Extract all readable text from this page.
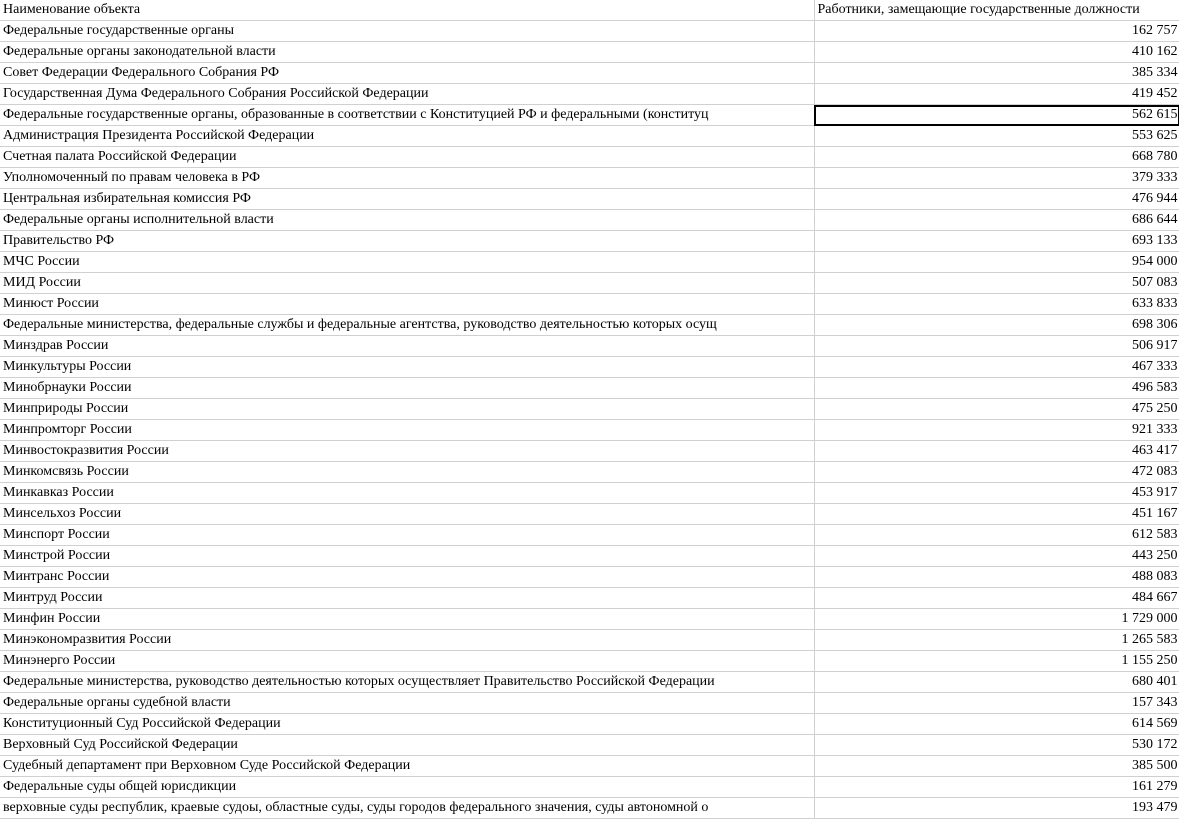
Наименование объекта	Работники, замещающие государственные должности
Федеральные государственные органы	162 757
Федеральные органы законодательной власти	410 162
Совет Федерации Федерального Собрания РФ	385 334
Государственная Дума Федерального Собрания Российской Федерации	419 452
Федеральные государственные органы, образованные в соответствии с Конституцией РФ и федеральными (конституц	562 615
Администрация Президента Российской Федерации	553 625
Счетная палата Российской Федерации	668 780
Уполномоченный по правам человека в РФ	379 333
Центральная избирательная комиссия РФ	476 944
Федеральные органы исполнительной власти	686 644
Правительство РФ	693 133
МЧС России	954 000
МИД России	507 083
Минюст России	633 833
Федеральные министерства, федеральные службы и федеральные агентства, руководство деятельностью которых осущ	698 306
Минздрав России	506 917
Минкультуры России	467 333
Минобрнауки России	496 583
Минприроды России	475 250
Минпромторг России	921 333
Минвостокразвития России	463 417
Минкомсвязь России	472 083
Минкавказ России	453 917
Минсельхоз России	451 167
Минспорт России	612 583
Минстрой России	443 250
Минтранс России	488 083
Минтруд России	484 667
Минфин России	1 729 000
Минэкономразвития России	1 265 583
Минэнерго России	1 155 250
Федеральные министерства, руководство деятельностью которых осуществляет Правительство Российской Федерации	680 401
Федеральные органы судебной власти	157 343
Конституционный Суд Российской Федерации	614 569
Верховный Суд Российской Федерации	530 172
Судебный департамент при Верховном Суде Российской Федерации	385 500
Федеральные суды общей юрисдикции	161 279
верховные суды республик, краевые судоы, областные суды, суды городов федерального значения, суды автономной о	193 479
